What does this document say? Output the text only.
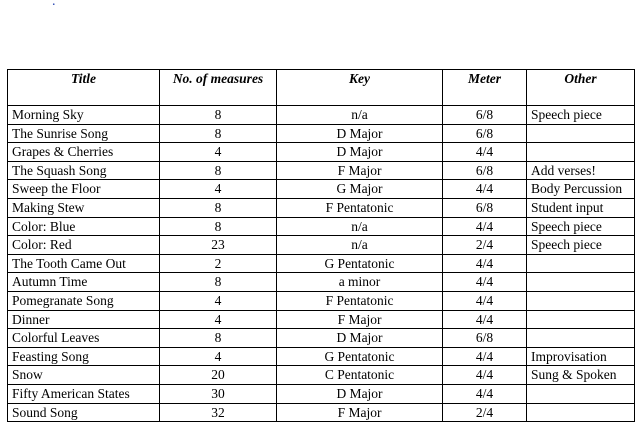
.
Title	No. of measures	Key	Meter	Other
Morning Sky	8	n/a	6/8	Speech piece
The Sunrise Song	8	D Major	6/8	
Grapes & Cherries	4	D Major	4/4	
The Squash Song	8	F Major	6/8	Add verses!
Sweep the Floor	4	G Major	4/4	Body Percussion
Making Stew	8	F Pentatonic	6/8	Student input
Color: Blue	8	n/a	4/4	Speech piece
Color: Red	23	n/a	2/4	Speech piece
The Tooth Came Out	2	G Pentatonic	4/4	
Autumn Time	8	a minor	4/4	
Pomegranate Song	4	F Pentatonic	4/4	
Dinner	4	F Major	4/4	
Colorful Leaves	8	D Major	6/8	
Feasting Song	4	G Pentatonic	4/4	Improvisation
Snow	20	C Pentatonic	4/4	Sung & Spoken
Fifty American States	30	D Major	4/4	
Sound Song	32	F Major	2/4	
